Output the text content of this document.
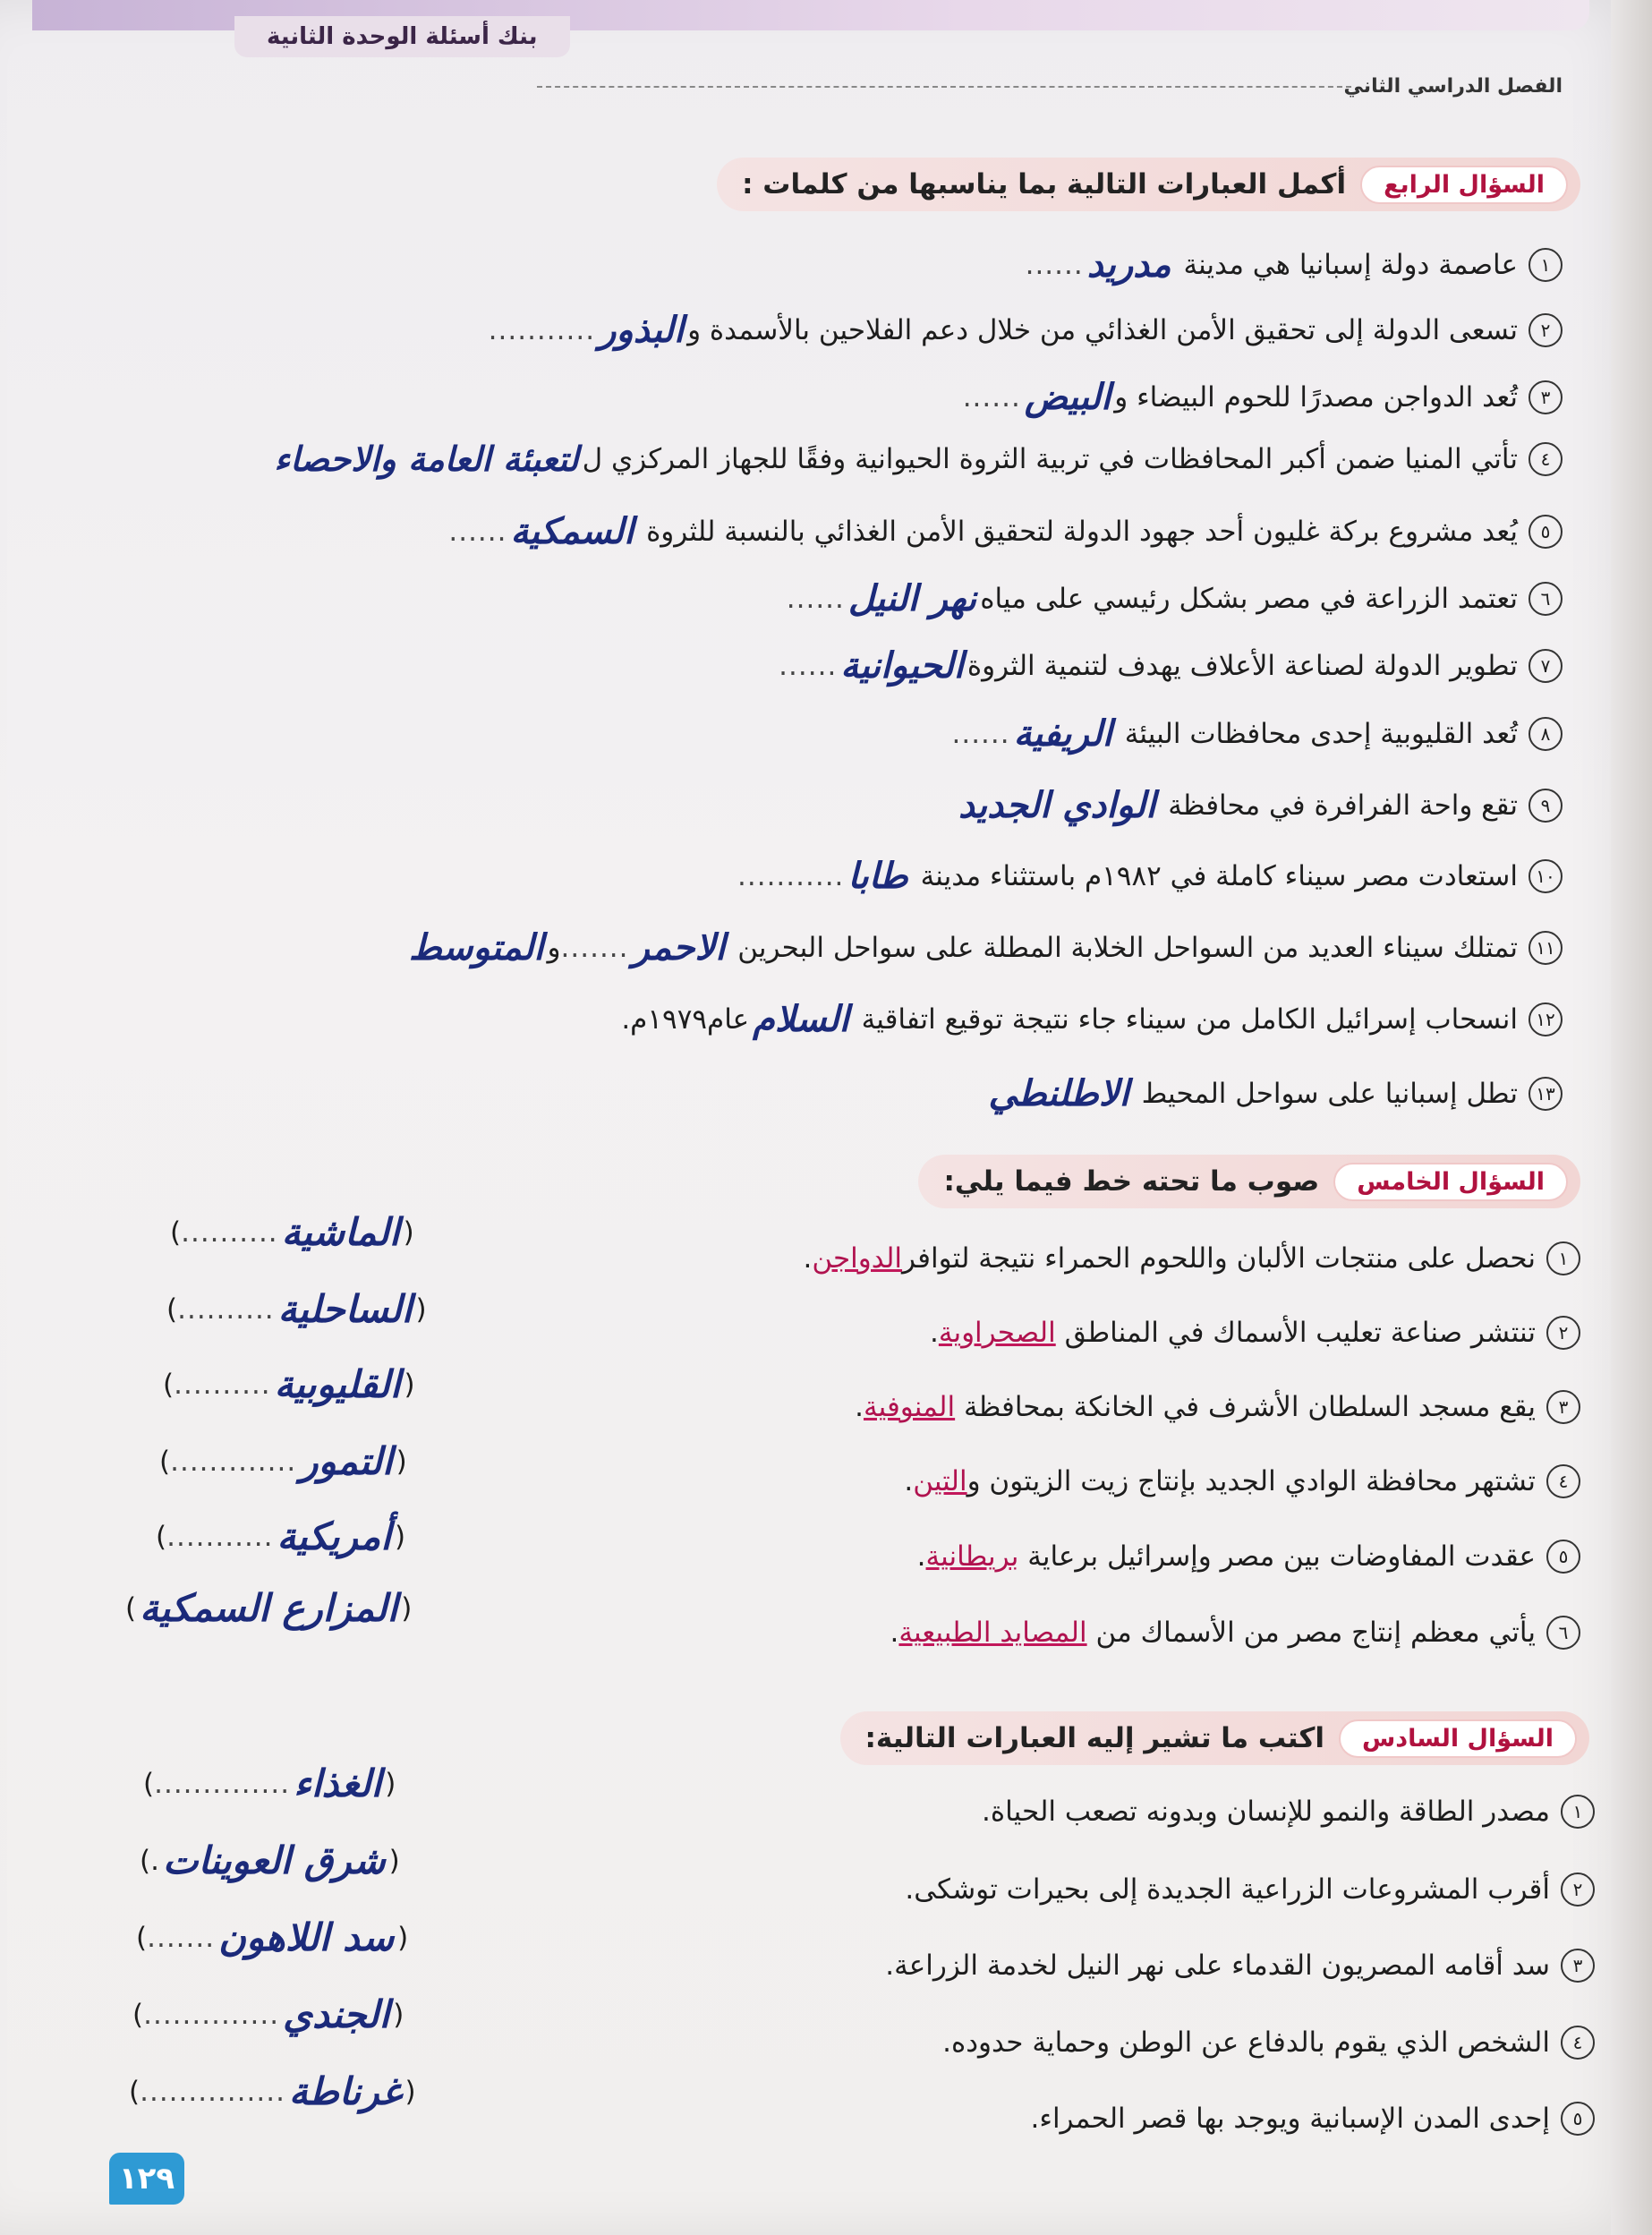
بنك أسئلة الوحدة الثانية
الفصل الدراسي الثاني
السؤال الرابع
أكمل العبارات التالية بما يناسبها من كلمات :
١
عاصمة دولة إسبانيا هي مدينة

مدريد
......
٢
تسعى الدولة إلى تحقيق الأمن الغذائي من خلال دعم الفلاحين بالأسمدة و
البذور
...........
٣
تُعد الدواجن مصدرًا للحوم البيضاء و
البيض
......
٤
تأتي المنيا ضمن أكبر المحافظات في تربية الثروة الحيوانية وفقًا للجهاز المركزي ل
لتعبئة العامة والاحصاء
٥
يُعد مشروع بركة غليون أحد جهود الدولة لتحقيق الأمن الغذائي بالنسبة للثروة

السمكية
......
٦
تعتمد الزراعة في مصر بشكل رئيسي على مياه
نهر النيل
......
٧
تطوير الدولة لصناعة الأعلاف يهدف لتنمية الثروة
الحيوانية
......
٨
تُعد القليوبية إحدى محافظات البيئة

الريفية
......
٩
تقع واحة الفرافرة في محافظة

الوادي الجديد
١٠
استعادت مصر سيناء كاملة في ١٩٨٢م باستثناء مدينة

طابا
...........
١١
تمتلك سيناء العديد من السواحل الخلابة المطلة على سواحل البحرين

الاحمر
.......
و
المتوسط
١٢
انسحاب إسرائيل الكامل من سيناء جاء نتيجة توقيع اتفاقية

السلام
عام١٩٧٩م.
١٣
تطل إسبانيا على سواحل المحيط

الاطلنطي
السؤال الخامس
صوب ما تحته خط فيما يلي:
١
نحصل على منتجات الألبان واللحوم الحمراء نتيجة لتوافر
الدواجن
.
(
الماشية
..........
)
٢
تنتشر صناعة تعليب الأسماك في المناطق

الصحراوية
.
(
الساحلية
..........
)
٣
يقع مسجد السلطان الأشرف في الخانكة بمحافظة

المنوفية
.
(
القليوبية
..........
)
٤
تشتهر محافظة الوادي الجديد بإنتاج زيت الزيتون و
التين
.
(
التمور
.............
)
٥
عقدت المفاوضات بين مصر وإسرائيل برعاية

بريطانية
.
(
أمريكية
...........
)
٦
يأتي معظم إنتاج مصر من الأسماك من

المصايد الطبيعية
.
(
المزارع السمكية
)
السؤال السادس
اكتب ما تشير إليه العبارات التالية:
١
مصدر الطاقة والنمو للإنسان وبدونه تصعب الحياة.
(
الغذاء
..............
)
٢
أقرب المشروعات الزراعية الجديدة إلى بحيرات توشكى.
(
شرق العوينات
.)
٣
سد أقامه المصريون القدماء على نهر النيل لخدمة الزراعة.
(
سد اللاهون
.......
)
٤
الشخص الذي يقوم بالدفاع عن الوطن وحماية حدوده.
(
الجندي
..............
)
٥
إحدى المدن الإسبانية ويوجد بها قصر الحمراء.
(
غرناطة
...............
)
١٢٩
